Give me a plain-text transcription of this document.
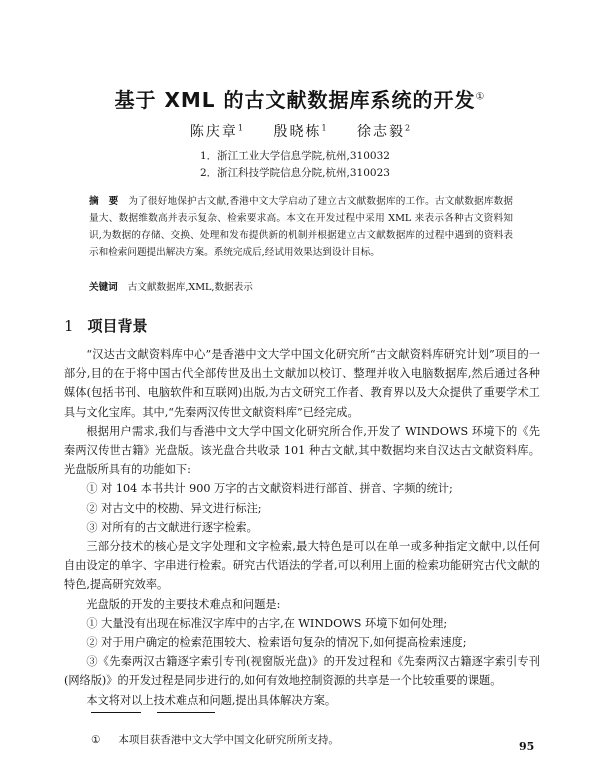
基于 XML 的古文献数据库系统的开发①
陈庆章$^1$ 殷晓栋$^1$ 徐志毅$^2$
1．浙江工业大学信息学院,杭州,310032
2．浙江科技学院信息分院,杭州,310023
摘　要 为了很好地保护古文献,香港中文大学启动了建立古文献数据库的工作。古文献数据库数据量大、数据维数高并表示复杂、检索要求高。本文在开发过程中采用 XML 来表示各种古文资料知识,为数据的存储、交换、处理和发布提供新的机制并根据建立古文献数据库的过程中遇到的资料表示和检索问题提出解决方案。系统完成后,经试用效果达到设计目标。
关键词 古文献数据库,XML,数据表示
1 项目背景

“汉达古文献资料库中心”是香港中文大学中国文化研究所“古文献资料库研究计划”项目的一部分,目的在于将中国古代全部传世及出土文献加以校订、整理并收入电脑数据库,然后通过各种媒体(包括书刊、电脑软件和互联网)出版,为古文研究工作者、教育界以及大众提供了重要学术工具与文化宝库。其中,“先秦两汉传世文献资料库”已经完成。

根据用户需求,我们与香港中文大学中国文化研究所合作,开发了 WINDOWS 环境下的《先秦两汉传世古籍》光盘版。该光盘合共收录 101 种古文献,其中数据均来自汉达古文献资料库。光盘版所具有的功能如下:

① 对 104 本书共计 900 万字的古文献资料进行部首、拼音、字频的统计;

② 对古文中的校勘、异文进行标注;

③ 对所有的古文献进行逐字检索。

三部分技术的核心是文字处理和文字检索,最大特色是可以在单一或多种指定文献中,以任何自由设定的单字、字串进行检索。研究古代语法的学者,可以利用上面的检索功能研究古代文献的特色,提高研究效率。

光盘版的开发的主要技术难点和问题是:

① 大量没有出现在标准汉字库中的古字,在 WINDOWS 环境下如何处理;

② 对于用户确定的检索范围较大、检索语句复杂的情况下,如何提高检索速度;

③《先秦两汉古籍逐字索引专刊(视窗版光盘)》的开发过程和《先秦两汉古籍逐字索引专刊(网络版)》的开发过程是同步进行的,如何有效地控制资源的共享是一个比较重要的课题。

本文将对以上技术难点和问题,提出具体解决方案。

① 本项目获香港中文大学中国文化研究所所支持。	95
